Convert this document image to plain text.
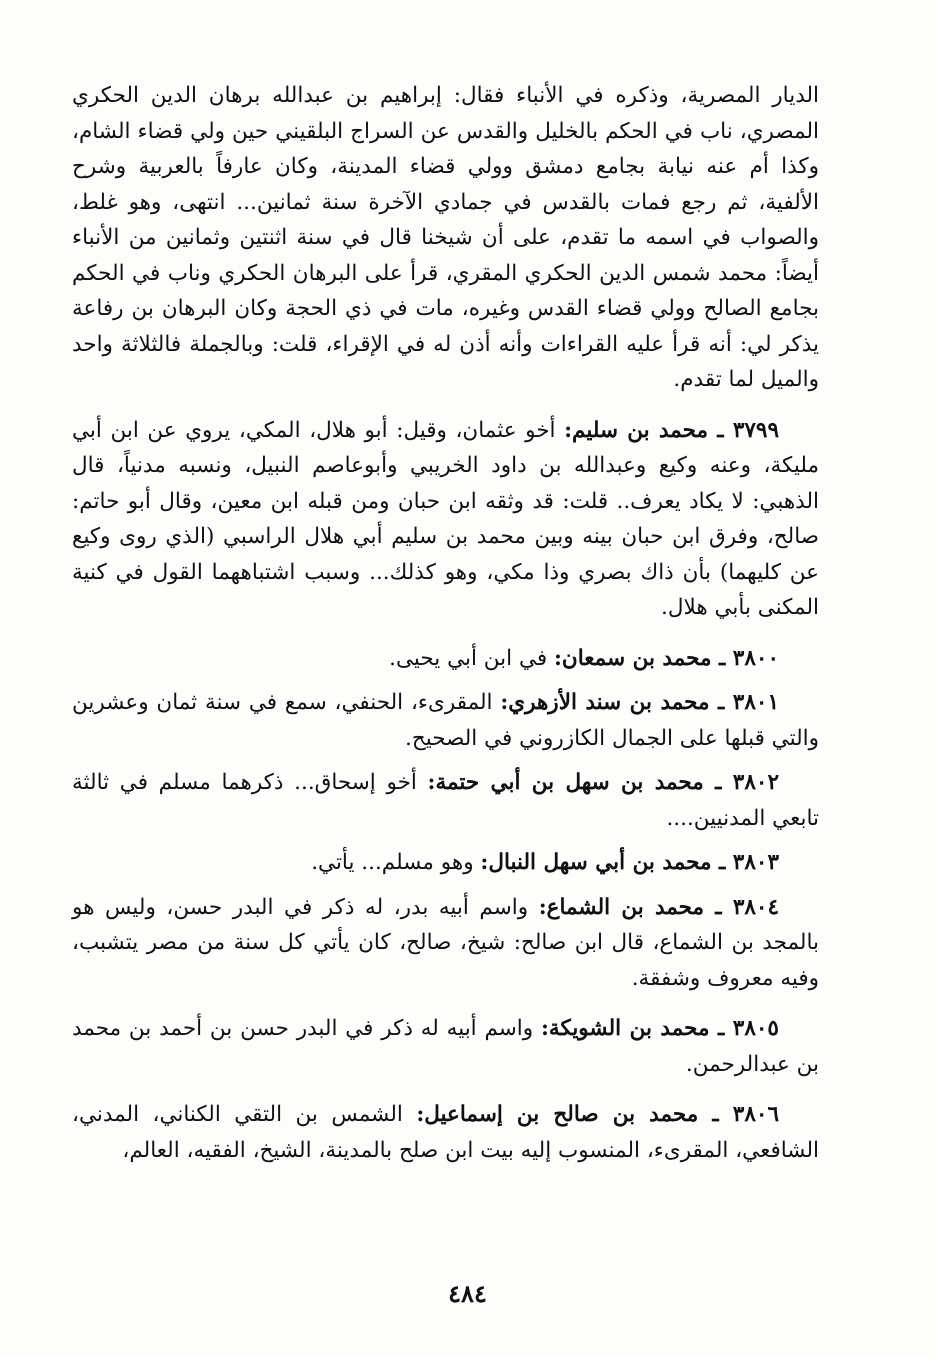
الديار المصرية، وذكره في الأنباء فقال: إبراهيم بن عبدالله برهان الدين الحكري المصري، ناب في الحكم بالخليل والقدس عن السراج البلقيني حين ولي قضاء الشام، وكذا أم عنه نيابة بجامع دمشق وولي قضاء المدينة، وكان عارفاً بالعربية وشرح الألفية، ثم رجع فمات بالقدس في جمادي الآخرة سنة ثمانين... انتهى، وهو غلط، والصواب في اسمه ما تقدم، على أن شيخنا قال في سنة اثنتين وثمانين من الأنباء أيضاً: محمد شمس الدين الحكري المقري، قرأ على البرهان الحكري وناب في الحكم بجامع الصالح وولي قضاء القدس وغيره، مات في ذي الحجة وكان البرهان بن رفاعة يذكر لي: أنه قرأ عليه القراءات وأنه أذن له في الإقراء، قلت: وبالجملة فالثلاثة واحد والميل لما تقدم.

٣٧٩٩ ـ محمد بن سليم: أخو عثمان، وقيل: أبو هلال، المكي، يروي عن ابن أبي مليكة، وعنه وكيع وعبدالله بن داود الخريبي وأبوعاصم النبيل، ونسبه مدنياً، قال الذهبي: لا يكاد يعرف.. قلت: قد وثقه ابن حبان ومن قبله ابن معين، وقال أبو حاتم: صالح، وفرق ابن حبان بينه وبين محمد بن سليم أبي هلال الراسبي (الذي روى وكيع عن كليهما) بأن ذاك بصري وذا مكي، وهو كذلك... وسبب اشتباههما القول في كنية المكنى بأبي هلال.

٣٨٠٠ ـ محمد بن سمعان: في ابن أبي يحيى.

٣٨٠١ ـ محمد بن سند الأزهري: المقرىء، الحنفي، سمع في سنة ثمان وعشرين والتي قبلها على الجمال الكازروني في الصحيح.

٣٨٠٢ ـ محمد بن سهل بن أبي حتمة: أخو إسحاق... ذكرهما مسلم في ثالثة تابعي المدنيين....

٣٨٠٣ ـ محمد بن أبي سهل النبال: وهو مسلم... يأتي.

٣٨٠٤ ـ محمد بن الشماع: واسم أبيه بدر، له ذكر في البدر حسن، وليس هو بالمجد بن الشماع، قال ابن صالح: شيخ، صالح، كان يأتي كل سنة من مصر يتشبب، وفيه معروف وشفقة.

٣٨٠٥ ـ محمد بن الشويكة: واسم أبيه له ذكر في البدر حسن بن أحمد بن محمد بن عبدالرحمن.

٣٨٠٦ ـ محمد بن صالح بن إسماعيل: الشمس بن التقي الكناني، المدني، الشافعي، المقرىء، المنسوب إليه بيت ابن صلح بالمدينة، الشيخ، الفقيه، العالم،

٤٨٤
